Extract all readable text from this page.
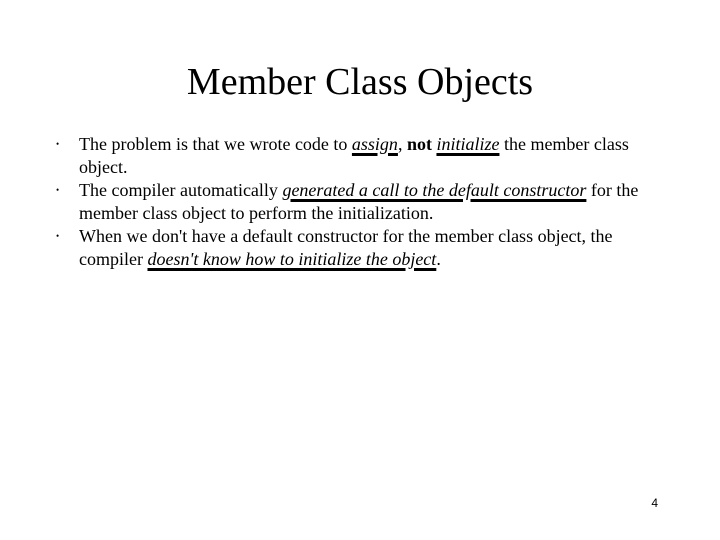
Member Class Objects
• The problem is that we wrote code to assign, not initialize the member class object.
• The compiler automatically generated a call to the default constructor for the member class object to perform the initialization.
• When we don't have a default constructor for the member class object, the compiler doesn't know how to initialize the object.
4
